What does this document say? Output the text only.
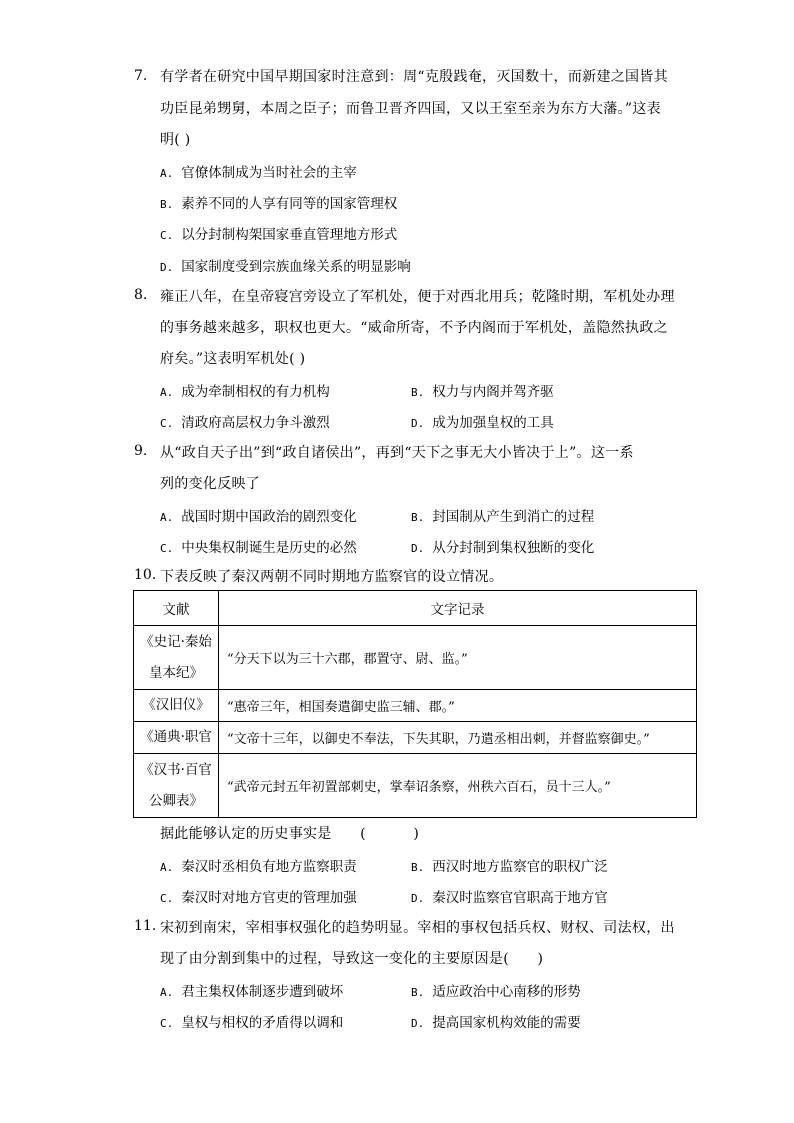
7. 有学者在研究中国早期国家时注意到：周“克殷践奄，灭国数十，而新建之国皆其
功臣昆弟甥舅，本周之臣子；而鲁卫晋齐四国，又以王室至亲为东方大藩。”这表
明( )
A. 官僚体制成为当时社会的主宰
B. 素养不同的人享有同等的国家管理权
C. 以分封制构架国家垂直管理地方形式
D. 国家制度受到宗族血缘关系的明显影响
8. 雍正八年，在皇帝寝宫旁设立了军机处，便于对西北用兵；乾隆时期，军机处办理
的事务越来越多，职权也更大。“威命所寄，不予内阁而于军机处，盖隐然执政之
府矣。”这表明军机处( )
A. 成为牵制相权的有力机构	B. 权力与内阁并驾齐驱
C. 清政府高层权力争斗激烈	D. 成为加强皇权的工具
9. 从“政自天子出”到“政自诸侯出”，再到“天下之事无大小皆决于上”。这一系
列的变化反映了
A. 战国时期中国政治的剧烈变化	B. 封国制从产生到消亡的过程
C. 中央集权制诞生是历史的必然	D. 从分封制到集权独断的变化
10. 下表反映了秦汉两朝不同时期地方监察官的设立情况。
文献	文字记录

《史记·秦始
皇本纪》	“分天下以为三十六郡，郡置守、尉、监。”

《汉旧仪》	“惠帝三年，相国奏遣御史监三辅、郡。”

《通典·职官	“文帝十三年，以御史不奉法，下失其职，乃遣丞相出刺，并督监察御史。”

《汉书·百官
公卿表》	“武帝元封五年初置部刺史，掌奉诏条察，州秩六百石，员十三人。”
据此能够认定的历史事实是      (          )
A. 秦汉时丞相负有地方监察职责	B. 西汉时地方监察官的职权广泛
C. 秦汉时对地方官吏的管理加强	D. 秦汉时监察官官职高于地方官
11. 宋初到南宋，宰相事权强化的趋势明显。宰相的事权包括兵权、财权、司法权，出
现了由分割到集中的过程，导致这一变化的主要原因是(      )
A. 君主集权体制逐步遭到破坏	B. 适应政治中心南移的形势
C. 皇权与相权的矛盾得以调和	D. 提高国家机构效能的需要
